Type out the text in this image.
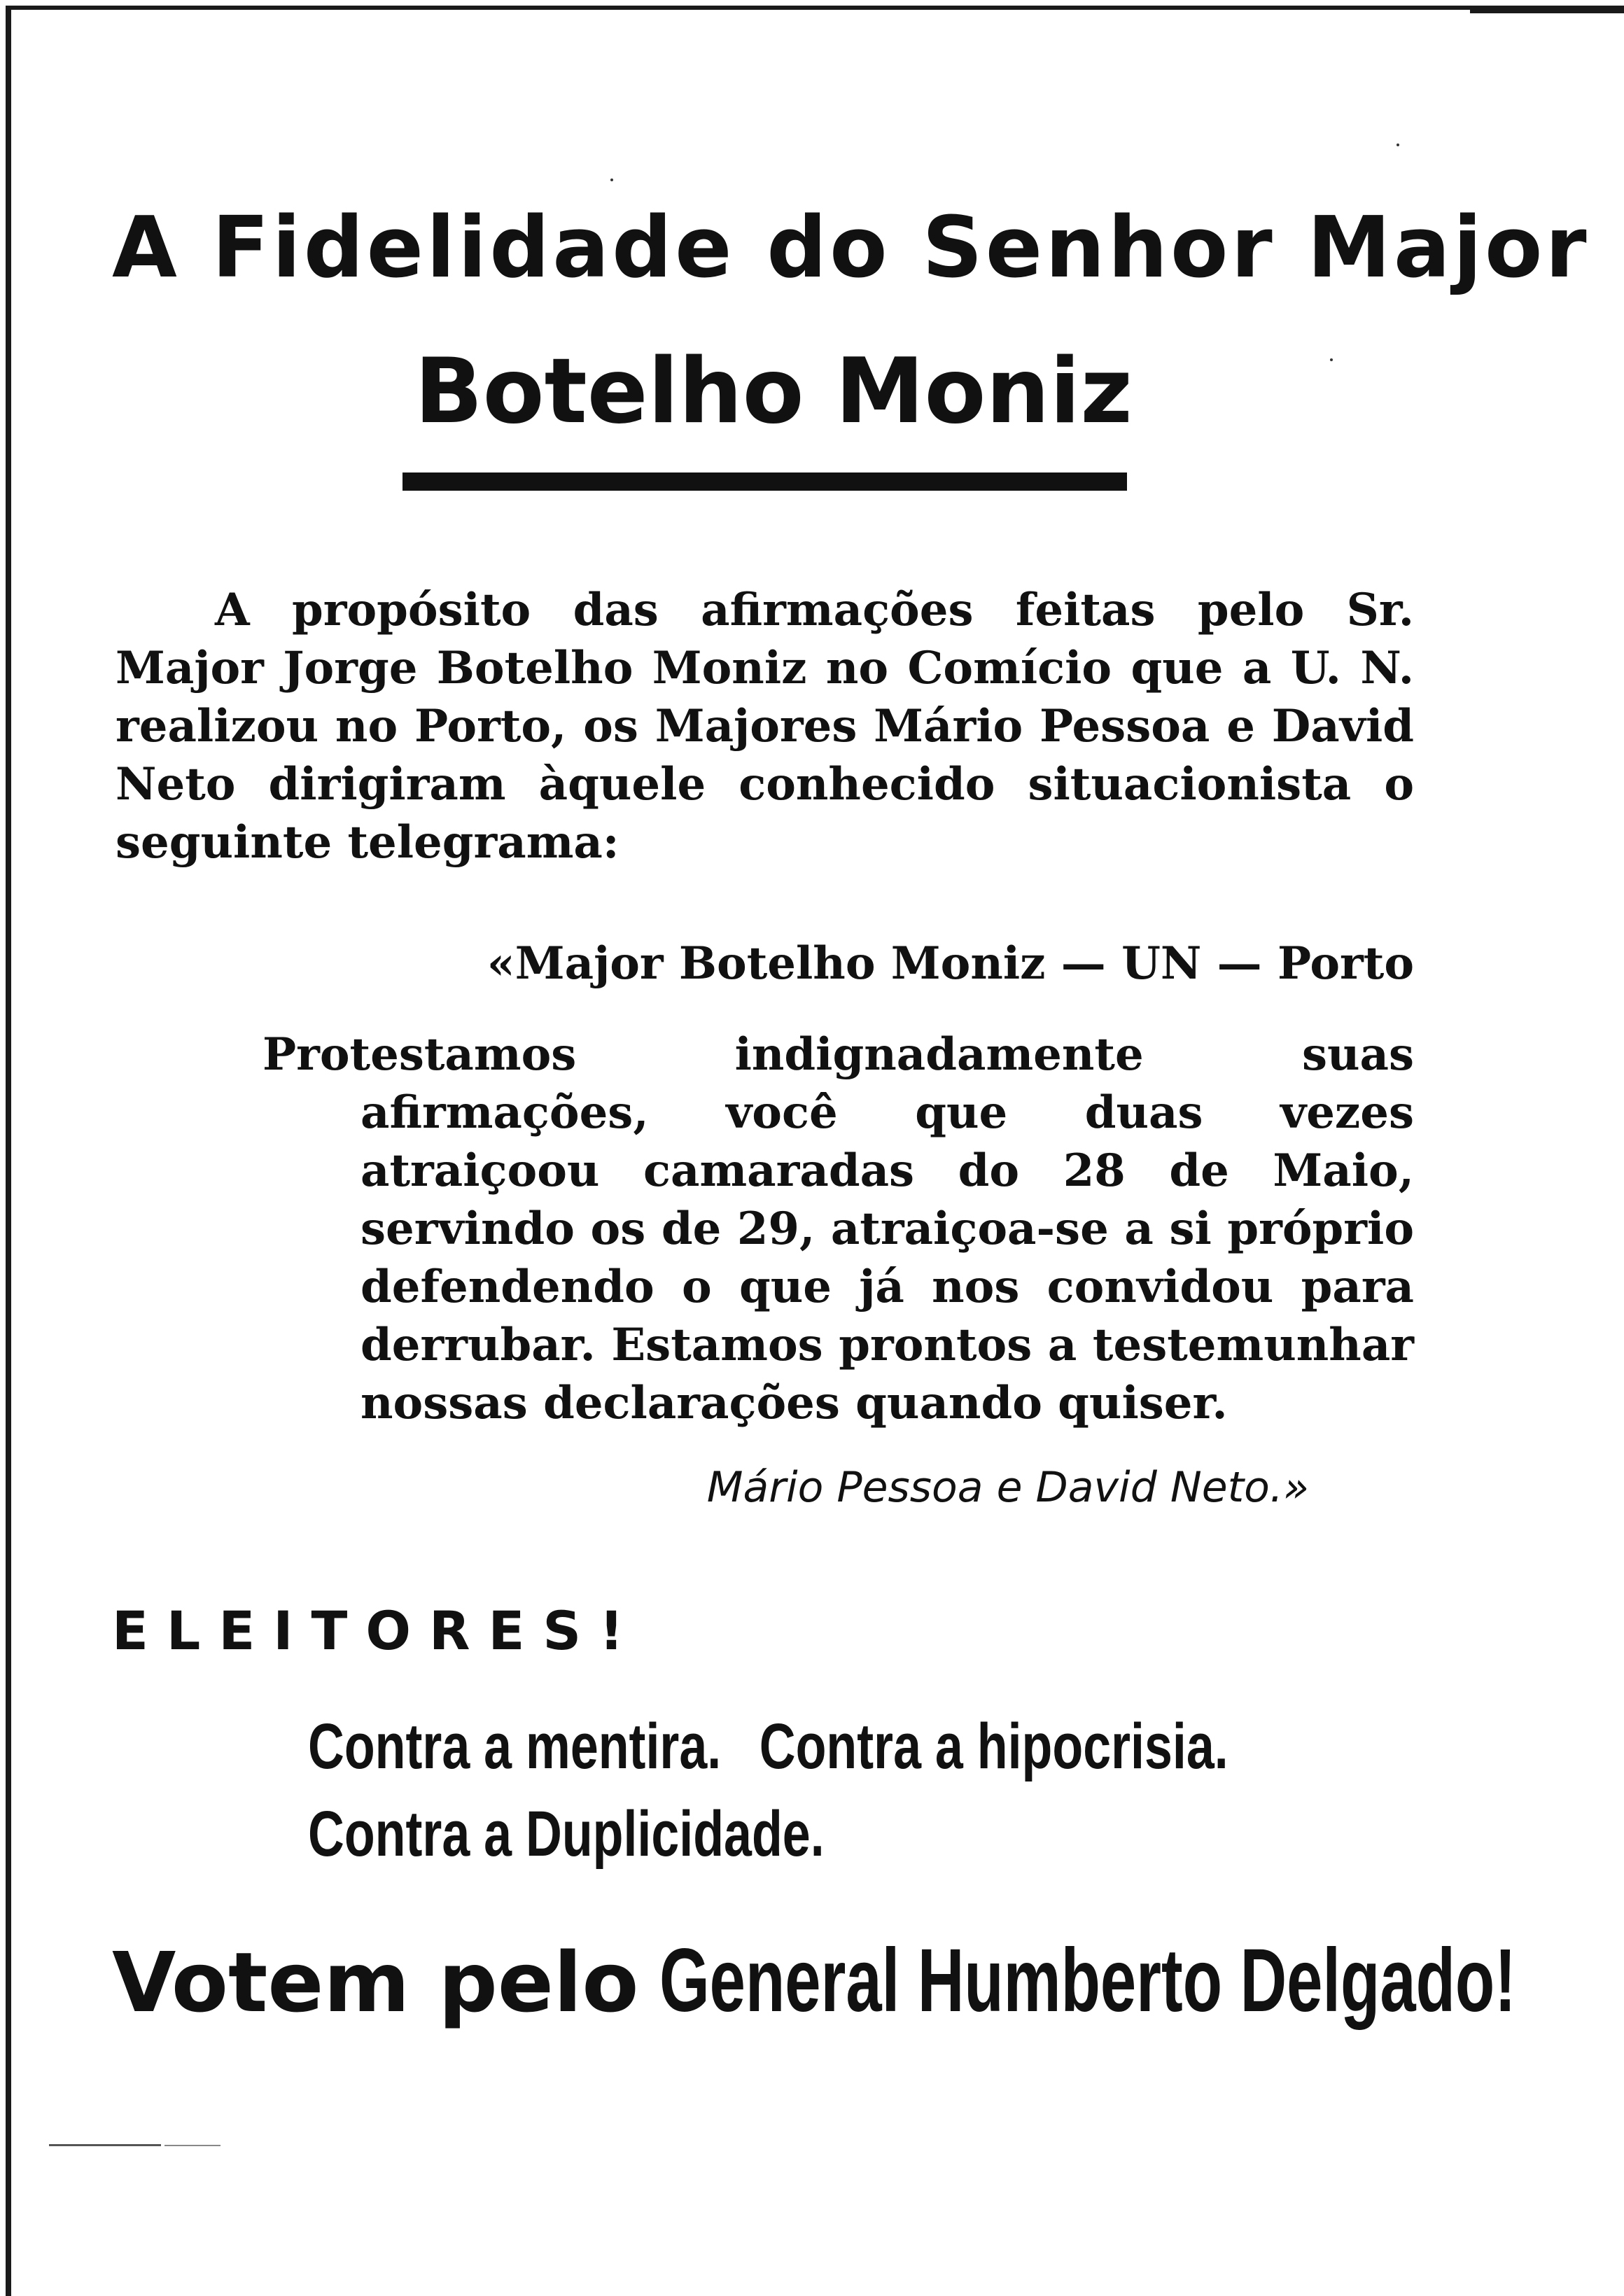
A Fidelidade do Senhor Major
Botelho Moniz

A propósito das afirmações feitas pelo Sr. Major Jorge Botelho Moniz no Comício que a U. N. realizou no Porto, os Majores Mário Pessoa e David Neto dirigiram àquele conhecido situacionista o seguinte telegrama:

«Major Botelho Moniz — UN — Porto

Protestamos indignadamente suas afirmações, você que duas vezes atraiçoou camaradas do 28 de Maio, servindo os de 29, atraiçoa-se a si próprio defendendo o que já nos convidou para derrubar. Estamos prontos a testemunhar nossas declarações quando quiser.

Mário Pessoa e David Neto.»
ELEITORES!
Contra a mentira. Contra a hipocrisia.
Contra a Duplicidade.
Votem pelo General Humberto Delgado!
